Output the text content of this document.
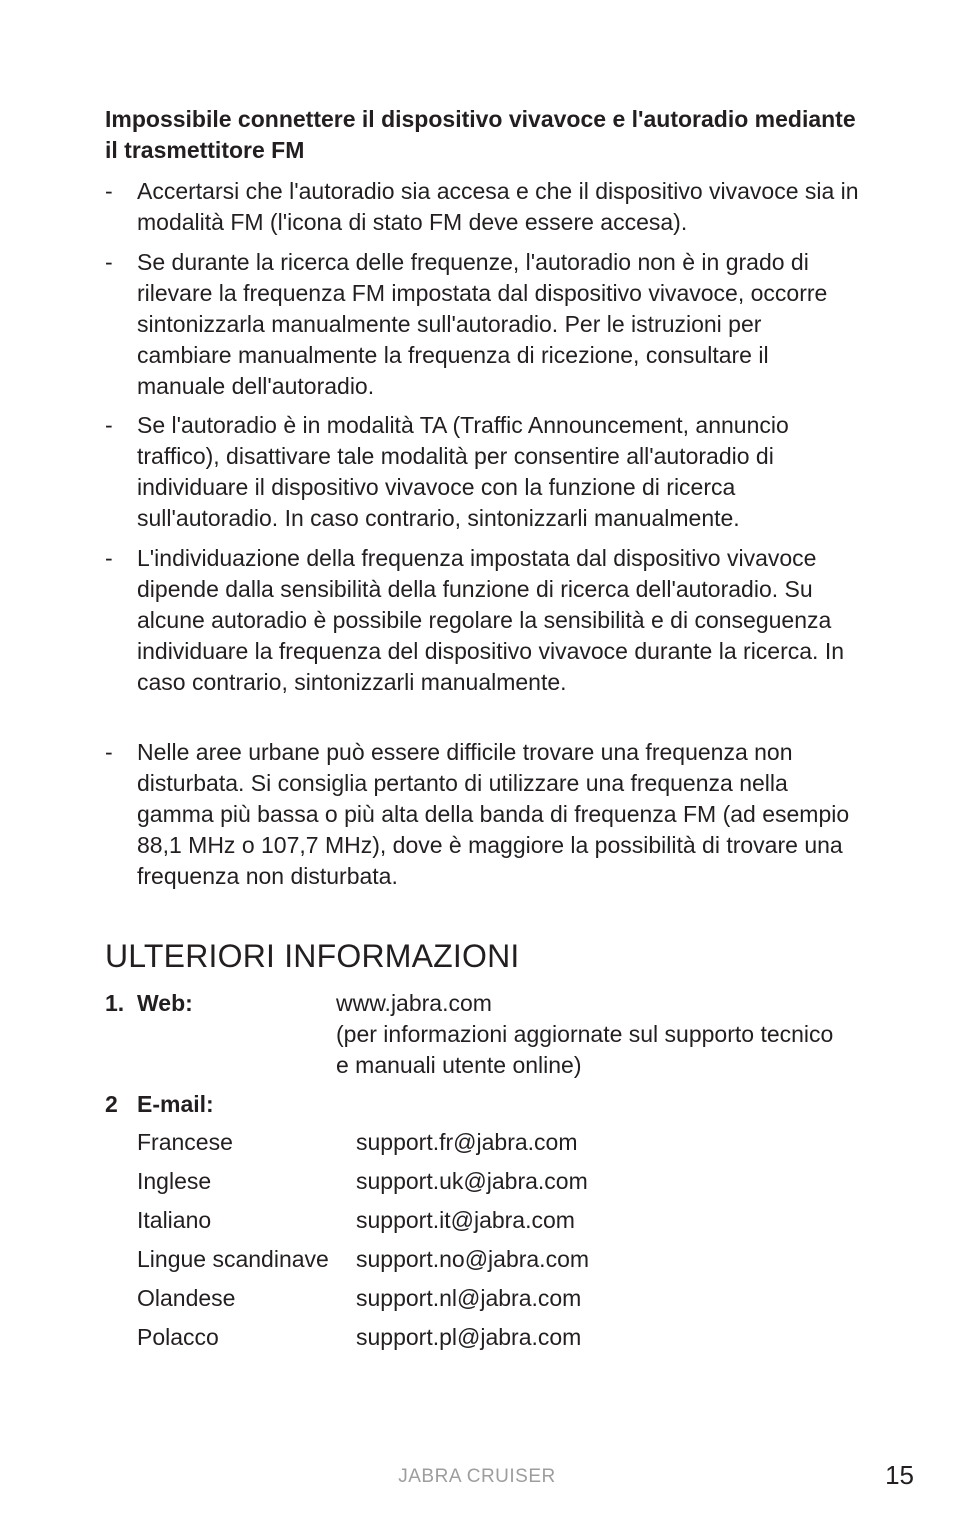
Impossibile connettere il dispositivo vivavoce e l'autoradio mediante il trasmettitore FM
-	Accertarsi che l'autoradio sia accesa e che il dispositivo vivavoce sia in modalità FM (l'icona di stato FM deve essere accesa).
-	Se durante la ricerca delle frequenze, l'autoradio non è in grado di rilevare la frequenza FM impostata dal dispositivo vivavoce, occorre sintonizzarla manualmente sull'autoradio. Per le istruzioni per cambiare manualmente la frequenza di ricezione, consultare il manuale dell'autoradio.
-	Se l'autoradio è in modalità TA (Traffic Announcement, annuncio traffico), disattivare tale modalità per consentire all'autoradio di individuare il dispositivo vivavoce con la funzione di ricerca sull'autoradio. In caso contrario, sintonizzarli manualmente.
-	L'individuazione della frequenza impostata dal dispositivo vivavoce dipende dalla sensibilità della funzione di ricerca dell'autoradio. Su alcune autoradio è possibile regolare la sensibilità e di conseguenza individuare la frequenza del dispositivo vivavoce durante la ricerca. In caso contrario, sintonizzarli manualmente.
-	Nelle aree urbane può essere difficile trovare una frequenza non disturbata. Si consiglia pertanto di utilizzare una frequenza nella gamma più bassa o più alta della banda di frequenza FM (ad esempio 88,1 MHz o 107,7 MHz), dove è maggiore la possibilità di trovare una frequenza non disturbata.
ULTERIORI INFORMAZIONI
1. Web:	www.jabra.com
(per informazioni aggiornate sul supporto tecnico e manuali utente online)
2 E-mail:
Francese	support.fr@jabra.com
Inglese	support.uk@jabra.com
Italiano	support.it@jabra.com
Lingue scandinave support.no@jabra.com
Olandese	support.nl@jabra.com
Polacco	support.pl@jabra.com
JABRA CRUISER	15
